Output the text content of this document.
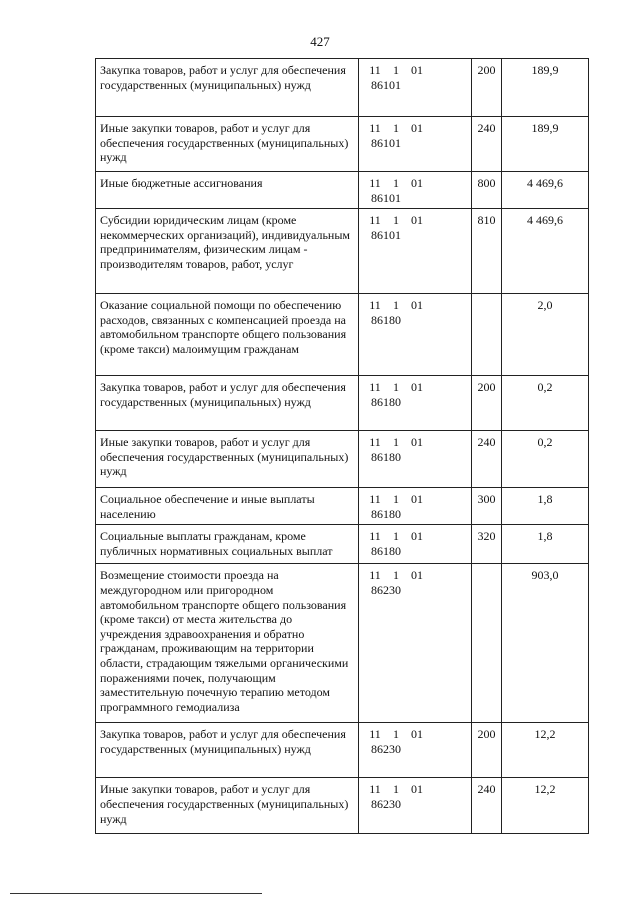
427
Закупка товаров, работ и услуг для обеспечения государственных (муниципальных) нужд	11 1 0186101	200	189,9
Иные закупки товаров, работ и услуг для обеспечения государственных (муниципальных) нужд	11 1 0186101	240	189,9
Иные бюджетные ассигнования	11 1 0186101	800	4 469,6
Субсидии юридическим лицам (кроме некоммерческих организаций), индивидуальным предпринимателям, физическим лицам - производителям товаров, работ, услуг	11 1 0186101	810	4 469,6
Оказание социальной помощи по обеспечению расходов, связанных с компенсацией проезда на автомобильном транспорте общего пользования (кроме такси) малоимущим гражданам	11 1 0186180		2,0
Закупка товаров, работ и услуг для обеспечения государственных (муниципальных) нужд	11 1 0186180	200	0,2
Иные закупки товаров, работ и услуг для обеспечения государственных (муниципальных) нужд	11 1 0186180	240	0,2
Социальное обеспечение и иные выплаты населению	11 1 0186180	300	1,8
Социальные выплаты гражданам, кроме публичных нормативных социальных выплат	11 1 0186180	320	1,8
Возмещение стоимости проезда на междугородном или пригородном автомобильном транспорте общего пользования (кроме такси) от места жительства до учреждения здравоохранения и обратно гражданам, проживающим на территории области, страдающим тяжелыми органическими поражениями почек, получающим заместительную почечную терапию методом программного гемодиализа	11 1 0186230		903,0
Закупка товаров, работ и услуг для обеспечения государственных (муниципальных) нужд	11 1 0186230	200	12,2
Иные закупки товаров, работ и услуг для обеспечения государственных (муниципальных) нужд	11 1 0186230	240	12,2
